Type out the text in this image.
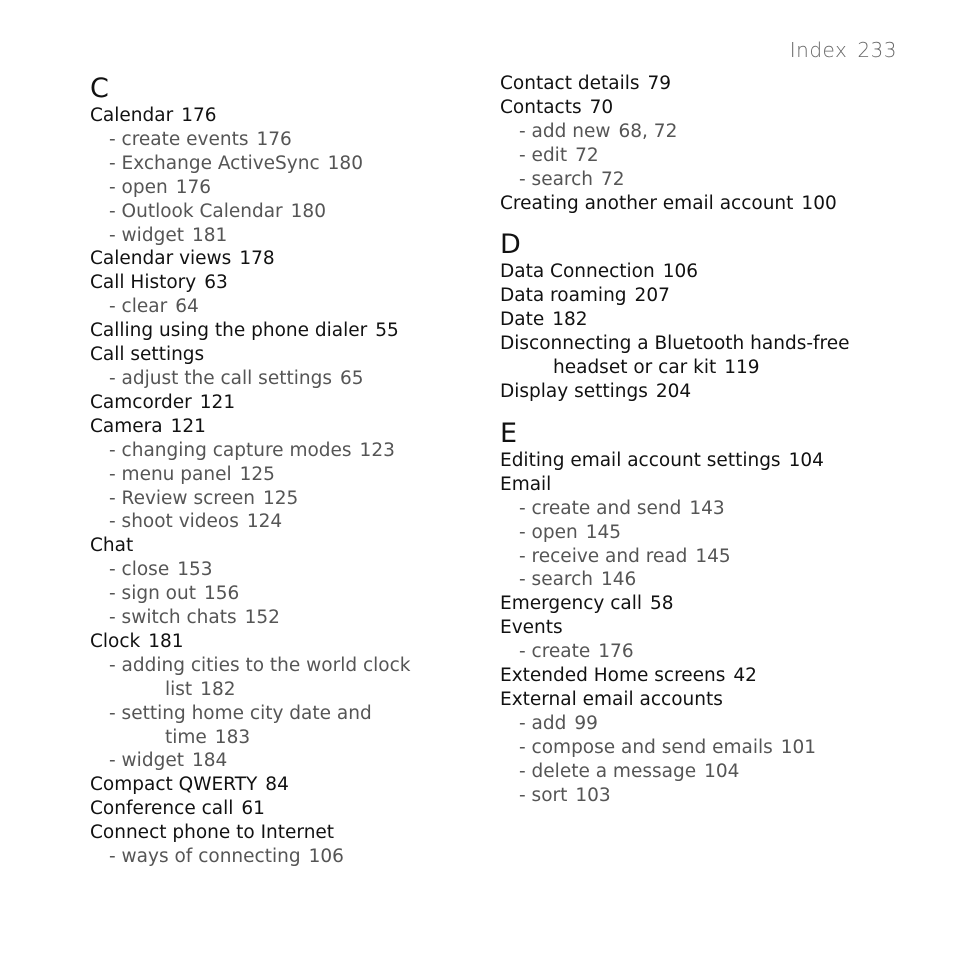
Index 233
C
Calendar 176
- create events 176
- Exchange ActiveSync 180
- open 176
- Outlook Calendar 180
- widget 181
Calendar views 178
Call History 63
- clear 64
Calling using the phone dialer 55
Call settings
- adjust the call settings 65
Camcorder 121
Camera 121
- changing capture modes 123
- menu panel 125
- Review screen 125
- shoot videos 124
Chat
- close 153
- sign out 156
- switch chats 152
Clock 181
- adding cities to the world clock
list 182
- setting home city date and
time 183
- widget 184
Compact QWERTY 84
Conference call 61
Connect phone to Internet
- ways of connecting 106
Contact details 79
Contacts 70
- add new 68, 72
- edit 72
- search 72
Creating another email account 100
D
Data Connection 106
Data roaming 207
Date 182
Disconnecting a Bluetooth hands-free
headset or car kit 119
Display settings 204
E
Editing email account settings 104
Email
- create and send 143
- open 145
- receive and read 145
- search 146
Emergency call 58
Events
- create 176
Extended Home screens 42
External email accounts
- add 99
- compose and send emails 101
- delete a message 104
- sort 103
